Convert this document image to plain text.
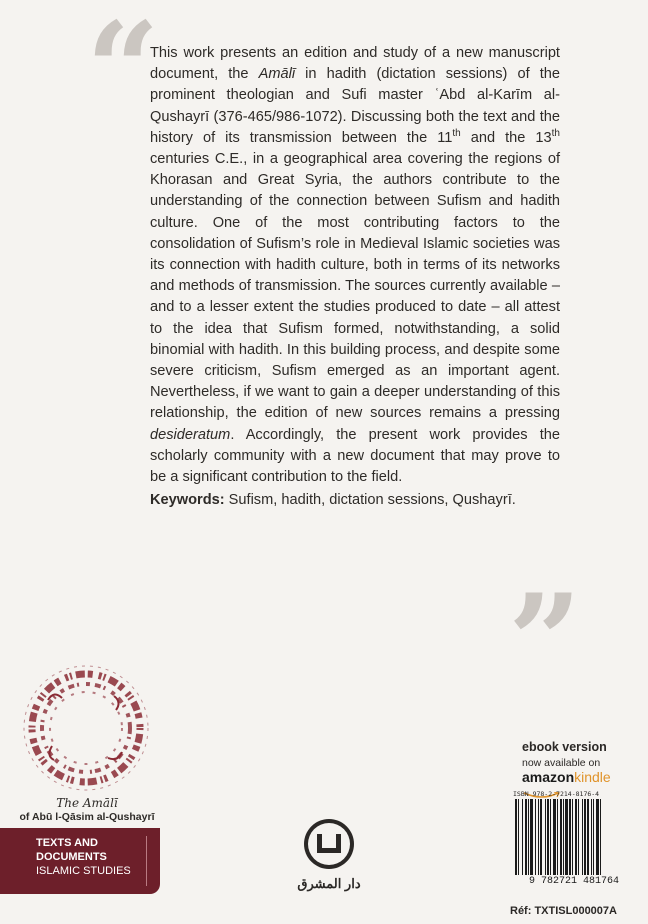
“

This work presents an edition and study of a new manuscript document, the Amālī in hadith (dictation sessions) of the prominent theologian and Sufi master ʿAbd al-Karīm al-Qushayrī (376-465/986-1072). Discussing both the text and the history of its transmission between the 11th and the 13th centuries C.E., in a geographical area covering the regions of Khorasan and Great Syria, the authors contribute to the understanding of the connection between Sufism and hadith culture. One of the most contributing factors to the consolidation of Sufism’s role in Medieval Islamic societies was its connection with hadith culture, both in terms of its networks and methods of transmission. The sources currently available – and to a lesser extent the studies produced to date – all attest to the idea that Sufism formed, notwithstanding, a solid binomial with hadith. In this building process, and despite some severe criticism, Sufism emerged as an important agent. Nevertheless, if we want to gain a deeper understanding of this relationship, the edition of new sources remains a pressing desideratum. Accordingly, the present work provides the scholarly community with a new document that may prove to be a significant contribution to the field.

Keywords: Sufism, hadith, dictation sessions, Qushayrī.

”
The Amālī
of Abū l-Qāsim al-Qushayrī
TEXTS AND
DOCUMENTS
ISLAMIC STUDIES
دار المشرق
ebook version
now available on
amazonkindle
ISBN 978-2-7214-8176-4
9 782721 481764
Réf: TXTISL000007A
